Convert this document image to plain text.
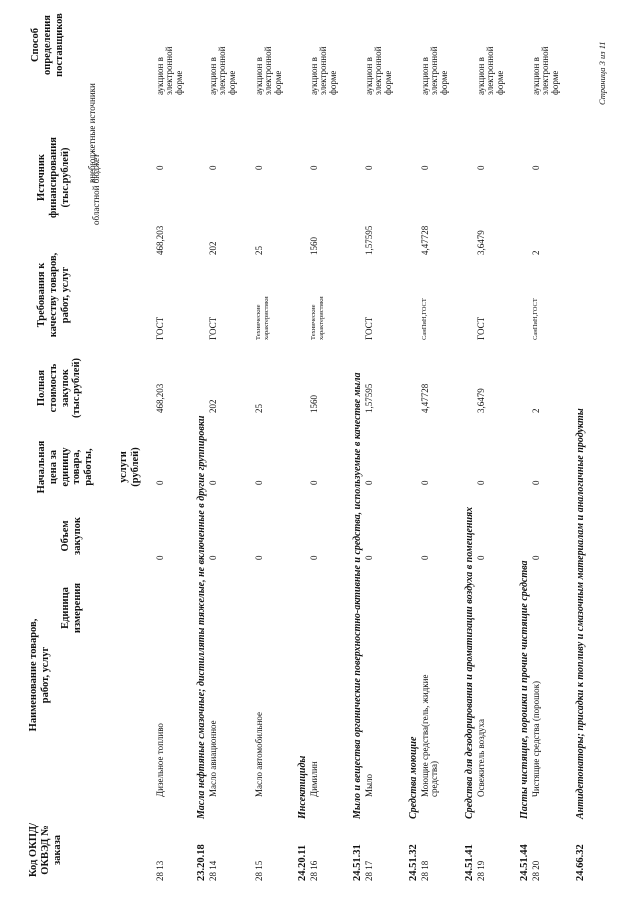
Код ОКПД/ ОКВЭД № заказа
Наименование товаров, работ, услуг
Единица измерения
Объем закупок
Начальная цена за единицу товара, работы, услуги (рублей)
Полная стоимость закупок (тыс.рублей)
Требования к качеству товаров, работ, услуг
Источник финансирования (тыс.рублей) областной бюджет
внебюджетные источники
Способ определения поставщиков
28 13
Дизельное топливо
0
0
468,203
ГОСТ
468,203
0
аукцион в электронной форме
23.20.18
Масла нефтяные смазочные; дистилляты тяжелые, не включенные в другие группировки
28 14
Масло авиационное
0
0
202
ГОСТ
202
0
аукцион в электронной форме
28 15
Масло автомобильное
0
0
25
Технические характеристики
25
0
аукцион в электронной форме
24.20.11
Инсектициды
28 16
Димилин
0
0
1560
Технические характеристики
1560
0
аукцион в электронной форме
24.51.31
Мыло и вещества органические поверхностно-активные и средства, используемые в качестве мыла
28 17
Мыло
0
0
1,57595
ГОСТ
1,57595
0
аукцион в электронной форме
24.51.32
Средства моющие
28 18
Моющие средства(гель, жидкие средства)
0
0
4,47728
СанПиН,ГОСТ
4,47728
0
аукцион в электронной форме
24.51.41
Средства для дезодорирования и ароматизации воздуха в помещениях
28 19
Освежитель воздуха
0
0
3,6479
ГОСТ
3,6479
0
аукцион в электронной форме
24.51.44
Пасты чистящие, порошки и прочие чистящие средства
28 20
Чистящие средства (порошок)
0
0
2
СанПиН,ГОСТ
2
0
аукцион в электронной форме
24.66.32
Антидетонаторы; присадки к топливу и смазочным материалам и аналогичные продукты
Страница 3 из 11
